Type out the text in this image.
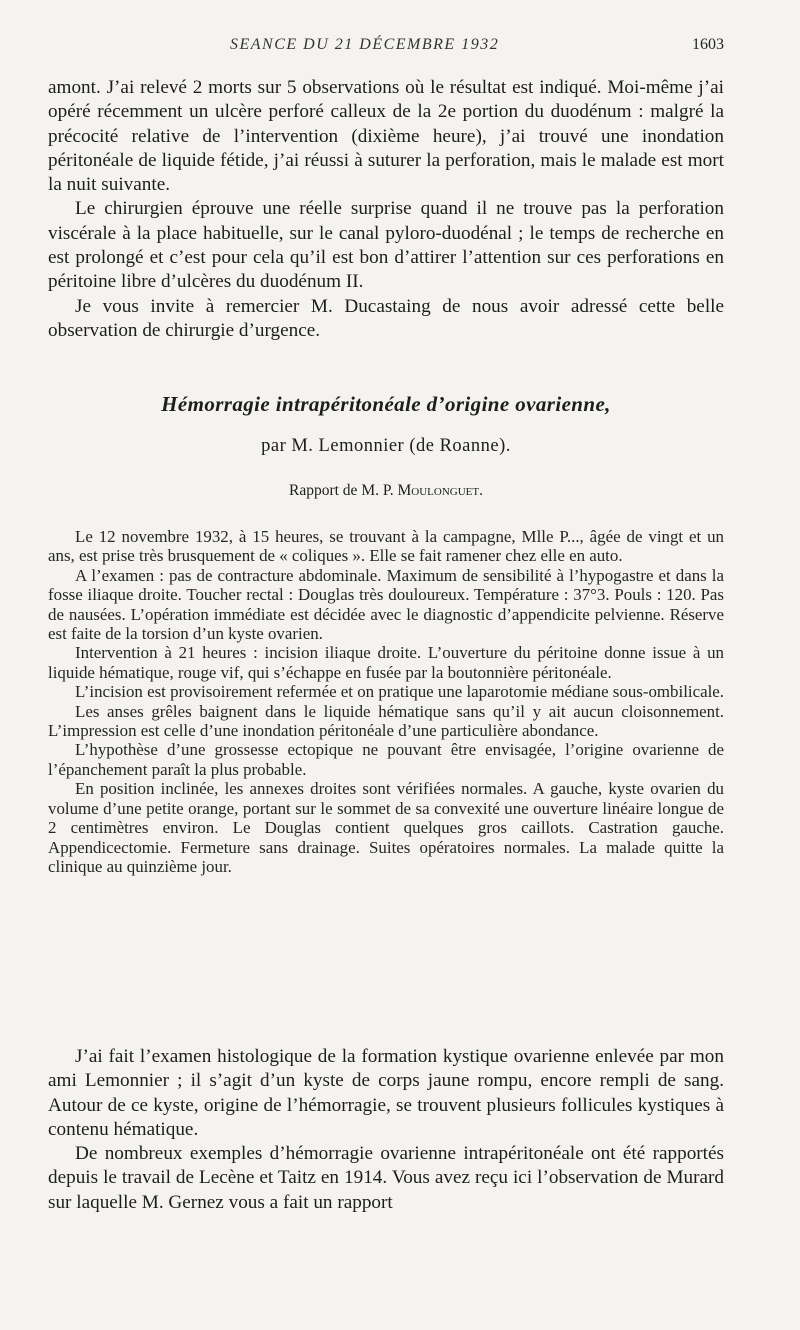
SEANCE DU 21 DÉCEMBRE 1932	1603

amont. J’ai relevé 2 morts sur 5 observations où le résultat est indiqué. Moi-même j’ai opéré récemment un ulcère perforé calleux de la 2e portion du duodénum : malgré la précocité relative de l’intervention (dixième heure), j’ai trouvé une inondation péritonéale de liquide fétide, j’ai réussi à suturer la perforation, mais le malade est mort la nuit suivante.

Le chirurgien éprouve une réelle surprise quand il ne trouve pas la perforation viscérale à la place habituelle, sur le canal pyloro-duodénal ; le temps de recherche en est prolongé et c’est pour cela qu’il est bon d’attirer l’attention sur ces perforations en péritoine libre d’ulcères du duodénum II.

Je vous invite à remercier M. Ducastaing de nous avoir adressé cette belle observation de chirurgie d’urgence.

Hémorragie intrapéritonéale d’origine ovarienne,
par M. Lemonnier (de Roanne).
Rapport de M. P. Moulonguet.

Le 12 novembre 1932, à 15 heures, se trouvant à la campagne, Mlle P..., âgée de vingt et un ans, est prise très brusquement de « coliques ». Elle se fait ramener chez elle en auto.

A l’examen : pas de contracture abdominale. Maximum de sensibilité à l’hypogastre et dans la fosse iliaque droite. Toucher rectal : Douglas très douloureux. Température : 37°3. Pouls : 120. Pas de nausées. L’opération immédiate est décidée avec le diagnostic d’appendicite pelvienne. Réserve est faite de la torsion d’un kyste ovarien.

Intervention à 21 heures : incision iliaque droite. L’ouverture du péritoine donne issue à un liquide hématique, rouge vif, qui s’échappe en fusée par la boutonnière péritonéale.

L’incision est provisoirement refermée et on pratique une laparotomie médiane sous-ombilicale.

Les anses grêles baignent dans le liquide hématique sans qu’il y ait aucun cloisonnement. L’impression est celle d’une inondation péritonéale d’une particulière abondance.

L’hypothèse d’une grossesse ectopique ne pouvant être envisagée, l’origine ovarienne de l’épanchement paraît la plus probable.

En position inclinée, les annexes droites sont vérifiées normales. A gauche, kyste ovarien du volume d’une petite orange, portant sur le sommet de sa convexité une ouverture linéaire longue de 2 centimètres environ. Le Douglas contient quelques gros caillots. Castration gauche. Appendicectomie. Fermeture sans drainage. Suites opératoires normales. La malade quitte la clinique au quinzième jour.

J’ai fait l’examen histologique de la formation kystique ovarienne enlevée par mon ami Lemonnier ; il s’agit d’un kyste de corps jaune rompu, encore rempli de sang. Autour de ce kyste, origine de l’hémorragie, se trouvent plusieurs follicules kystiques à contenu hématique.

De nombreux exemples d’hémorragie ovarienne intrapéritonéale ont été rapportés depuis le travail de Lecène et Taitz en 1914. Vous avez reçu ici l’observation de Murard sur laquelle M. Gernez vous a fait un rapport
